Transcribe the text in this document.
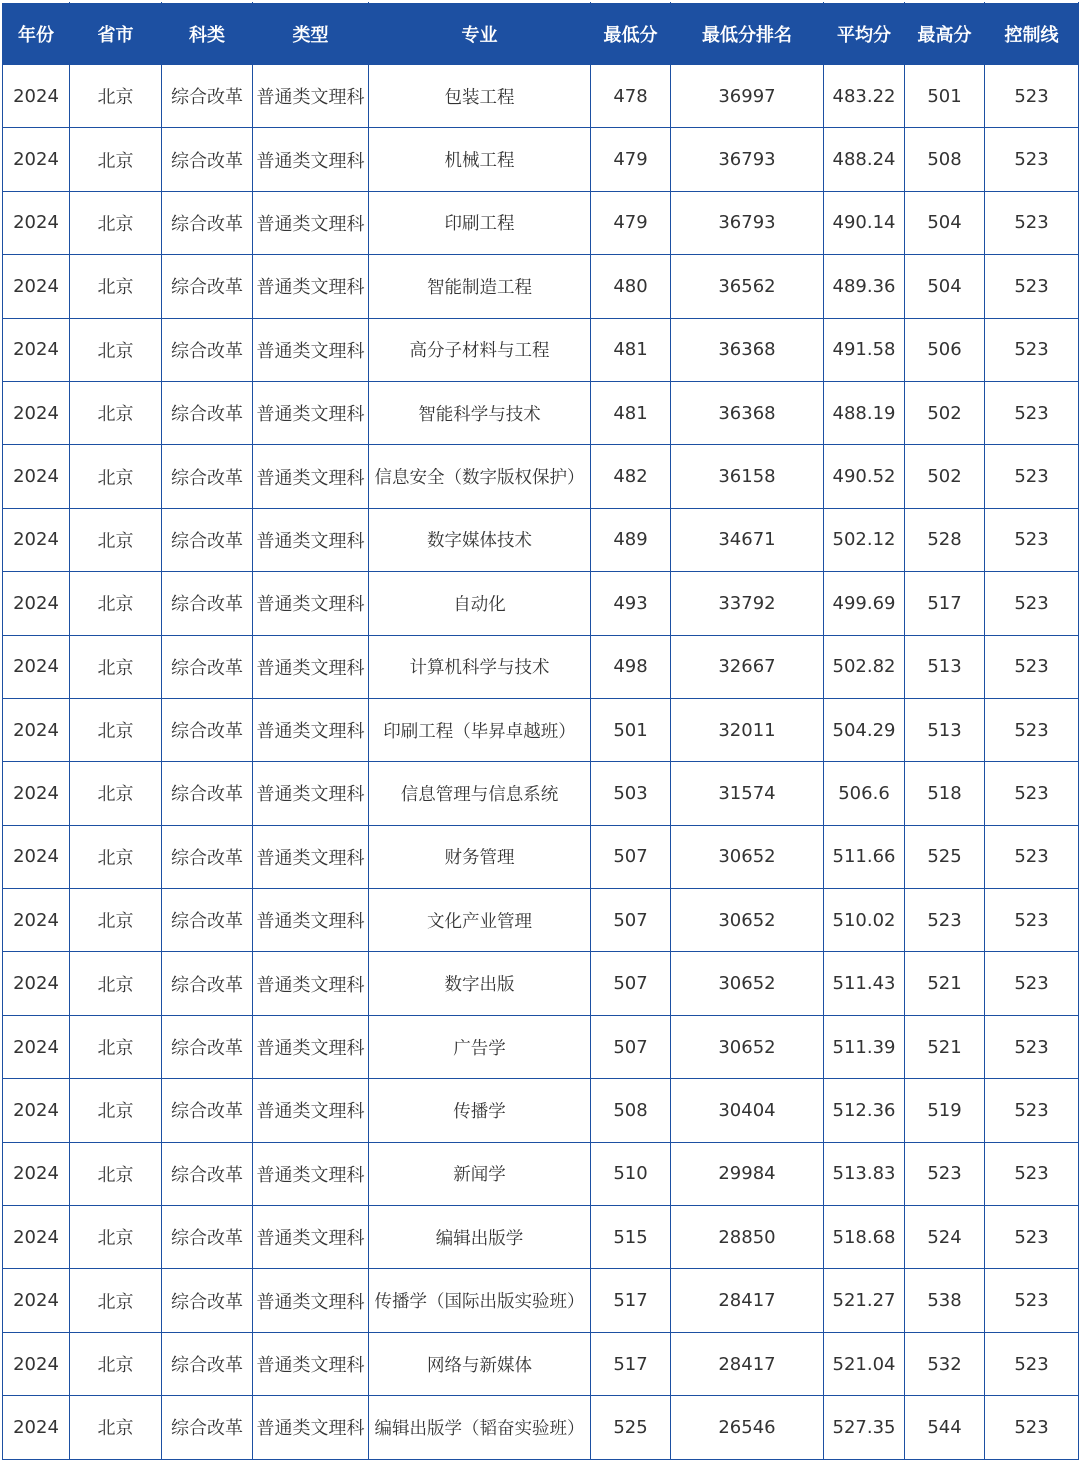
年份	省市	科类	类型	专业	最低分	最低分排名	平均分	最高分	控制线
2024	北京	综合改革	普通类文理科	包装工程	478	36997	483.22	501	523
2024	北京	综合改革	普通类文理科	机械工程	479	36793	488.24	508	523
2024	北京	综合改革	普通类文理科	印刷工程	479	36793	490.14	504	523
2024	北京	综合改革	普通类文理科	智能制造工程	480	36562	489.36	504	523
2024	北京	综合改革	普通类文理科	高分子材料与工程	481	36368	491.58	506	523
2024	北京	综合改革	普通类文理科	智能科学与技术	481	36368	488.19	502	523
2024	北京	综合改革	普通类文理科	信息安全（数字版权保护）	482	36158	490.52	502	523
2024	北京	综合改革	普通类文理科	数字媒体技术	489	34671	502.12	528	523
2024	北京	综合改革	普通类文理科	自动化	493	33792	499.69	517	523
2024	北京	综合改革	普通类文理科	计算机科学与技术	498	32667	502.82	513	523
2024	北京	综合改革	普通类文理科	印刷工程（毕昇卓越班）	501	32011	504.29	513	523
2024	北京	综合改革	普通类文理科	信息管理与信息系统	503	31574	506.6	518	523
2024	北京	综合改革	普通类文理科	财务管理	507	30652	511.66	525	523
2024	北京	综合改革	普通类文理科	文化产业管理	507	30652	510.02	523	523
2024	北京	综合改革	普通类文理科	数字出版	507	30652	511.43	521	523
2024	北京	综合改革	普通类文理科	广告学	507	30652	511.39	521	523
2024	北京	综合改革	普通类文理科	传播学	508	30404	512.36	519	523
2024	北京	综合改革	普通类文理科	新闻学	510	29984	513.83	523	523
2024	北京	综合改革	普通类文理科	编辑出版学	515	28850	518.68	524	523
2024	北京	综合改革	普通类文理科	传播学（国际出版实验班）	517	28417	521.27	538	523
2024	北京	综合改革	普通类文理科	网络与新媒体	517	28417	521.04	532	523
2024	北京	综合改革	普通类文理科	编辑出版学（韬奋实验班）	525	26546	527.35	544	523
